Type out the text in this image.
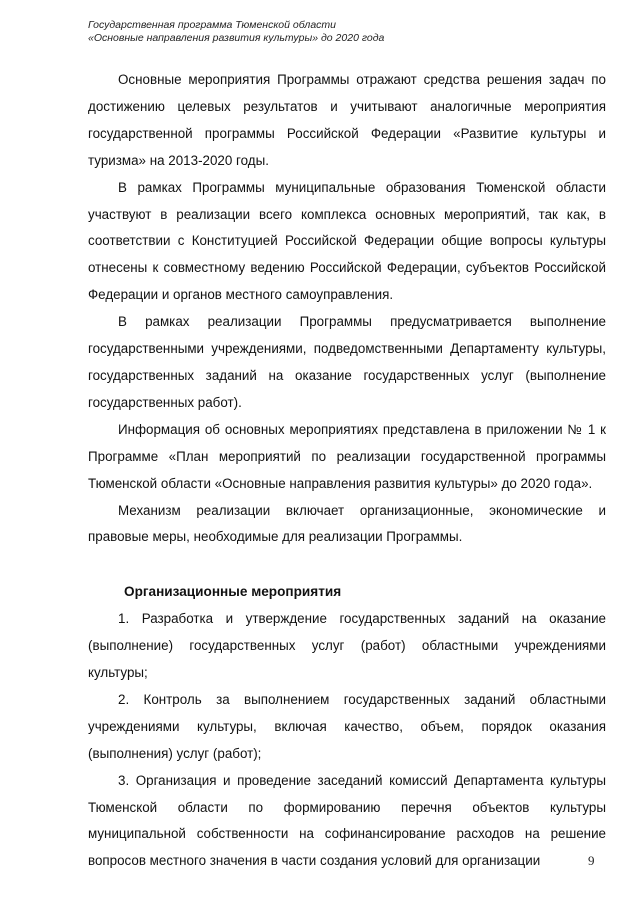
Государственная программа Тюменской области
«Основные направления развития культуры» до 2020 года

Основные мероприятия Программы отражают средства решения задач по достижению целевых результатов и учитывают аналогичные мероприятия государственной программы Российской Федерации «Развитие культуры и туризма» на 2013-2020 годы.

В рамках Программы муниципальные образования Тюменской области участвуют в реализации всего комплекса основных мероприятий, так как, в соответствии с Конституцией Российской Федерации общие вопросы культуры отнесены к совместному ведению Российской Федерации, субъектов Российской Федерации и органов местного самоуправления.

В рамках реализации Программы предусматривается выполнение государственными учреждениями, подведомственными Департаменту культуры, государственных заданий на оказание государственных услуг (выполнение государственных работ).

Информация об основных мероприятиях представлена в приложении № 1 к Программе «План мероприятий по реализации государственной программы Тюменской области «Основные направления развития культуры» до 2020 года».

Механизм реализации включает организационные, экономические и правовые меры, необходимые для реализации Программы.

Организационные мероприятия

1. Разработка и утверждение государственных заданий на оказание (выполнение) государственных услуг (работ) областными учреждениями культуры;

2. Контроль за выполнением государственных заданий областными учреждениями культуры, включая качество, объем, порядок оказания (выполнения) услуг (работ);

3. Организация и проведение заседаний комиссий Департамента культуры Тюменской области по формированию перечня объектов культуры муниципальной собственности на софинансирование расходов на решение вопросов местного значения в части создания условий для организации	9
